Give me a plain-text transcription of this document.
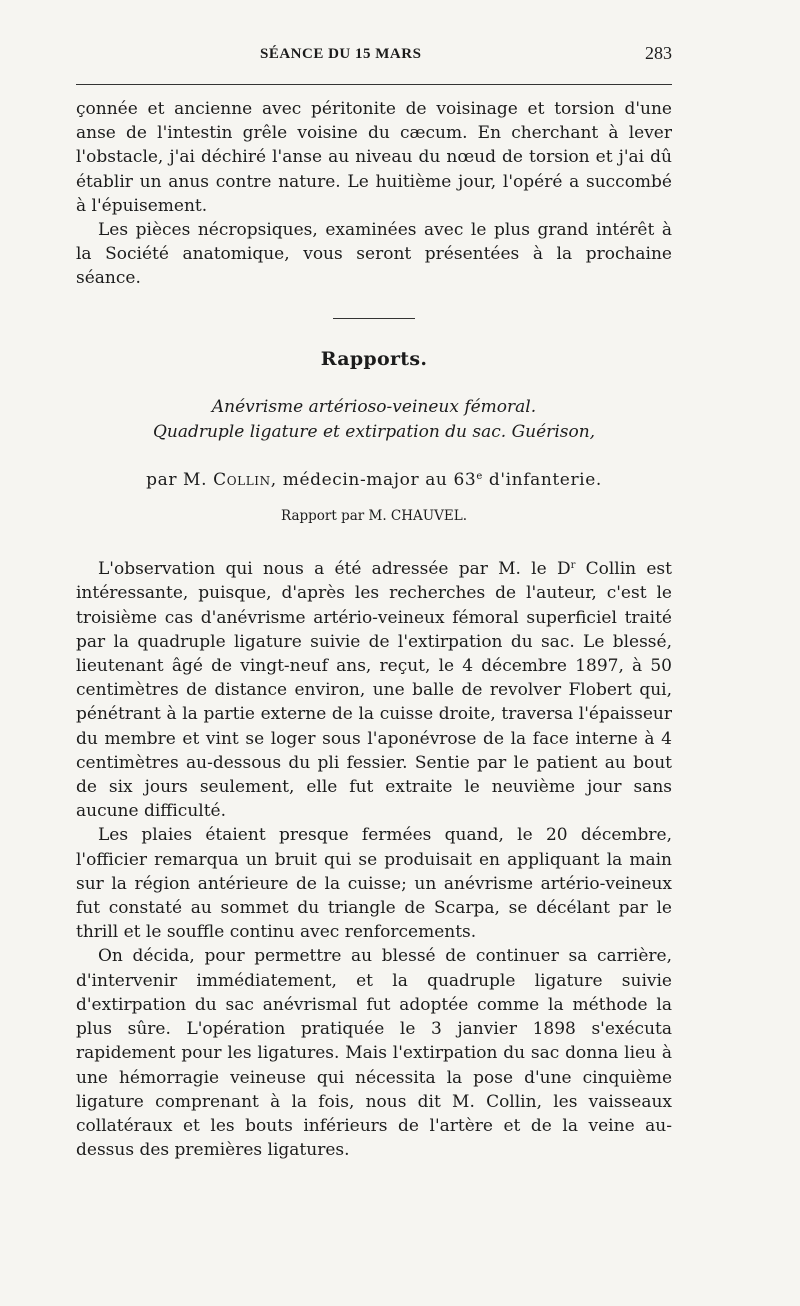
SÉANCE DU 15 MARS	283

çonnée et ancienne avec péritonite de voisinage et torsion d'une anse de l'intestin grêle voisine du cæcum. En cherchant à lever l'obstacle, j'ai déchiré l'anse au niveau du nœud de torsion et j'ai dû établir un anus contre nature. Le huitième jour, l'opéré a succombé à l'épuisement.

Les pièces nécropsiques, examinées avec le plus grand intérêt à la Société anatomique, vous seront présentées à la prochaine séance.

Rapports.
Anévrisme artérioso-veineux fémoral.
Quadruple ligature et extirpation du sac. Guérison,
par M. Collin, médecin-major au 63e d'infanterie.
Rapport par M. CHAUVEL.

L'observation qui nous a été adressée par M. le $D^r$ Collin est intéressante, puisque, d'après les recherches de l'auteur, c'est le troisième cas d'anévrisme artério-veineux fémoral superficiel traité par la quadruple ligature suivie de l'extirpation du sac. Le blessé, lieutenant âgé de vingt-neuf ans, reçut, le 4 décembre 1897, à 50 centimètres de distance environ, une balle de revolver Flobert qui, pénétrant à la partie externe de la cuisse droite, traversa l'épaisseur du membre et vint se loger sous l'aponévrose de la face interne à 4 centimètres au-dessous du pli fessier. Sentie par le patient au bout de six jours seulement, elle fut extraite le neuvième jour sans aucune difficulté.

Les plaies étaient presque fermées quand, le 20 décembre, l'officier remarqua un bruit qui se produisait en appliquant la main sur la région antérieure de la cuisse; un anévrisme artério-veineux fut constaté au sommet du triangle de Scarpa, se décélant par le thrill et le souffle continu avec renforcements.

On décida, pour permettre au blessé de continuer sa carrière, d'intervenir immédiatement, et la quadruple ligature suivie d'extirpation du sac anévrismal fut adoptée comme la méthode la plus sûre. L'opération pratiquée le 3 janvier 1898 s'exécuta rapidement pour les ligatures. Mais l'extirpation du sac donna lieu à une hémorragie veineuse qui nécessita la pose d'une cinquième ligature comprenant à la fois, nous dit M. Collin, les vaisseaux collatéraux et les bouts inférieurs de l'artère et de la veine au-dessus des premières ligatures.
